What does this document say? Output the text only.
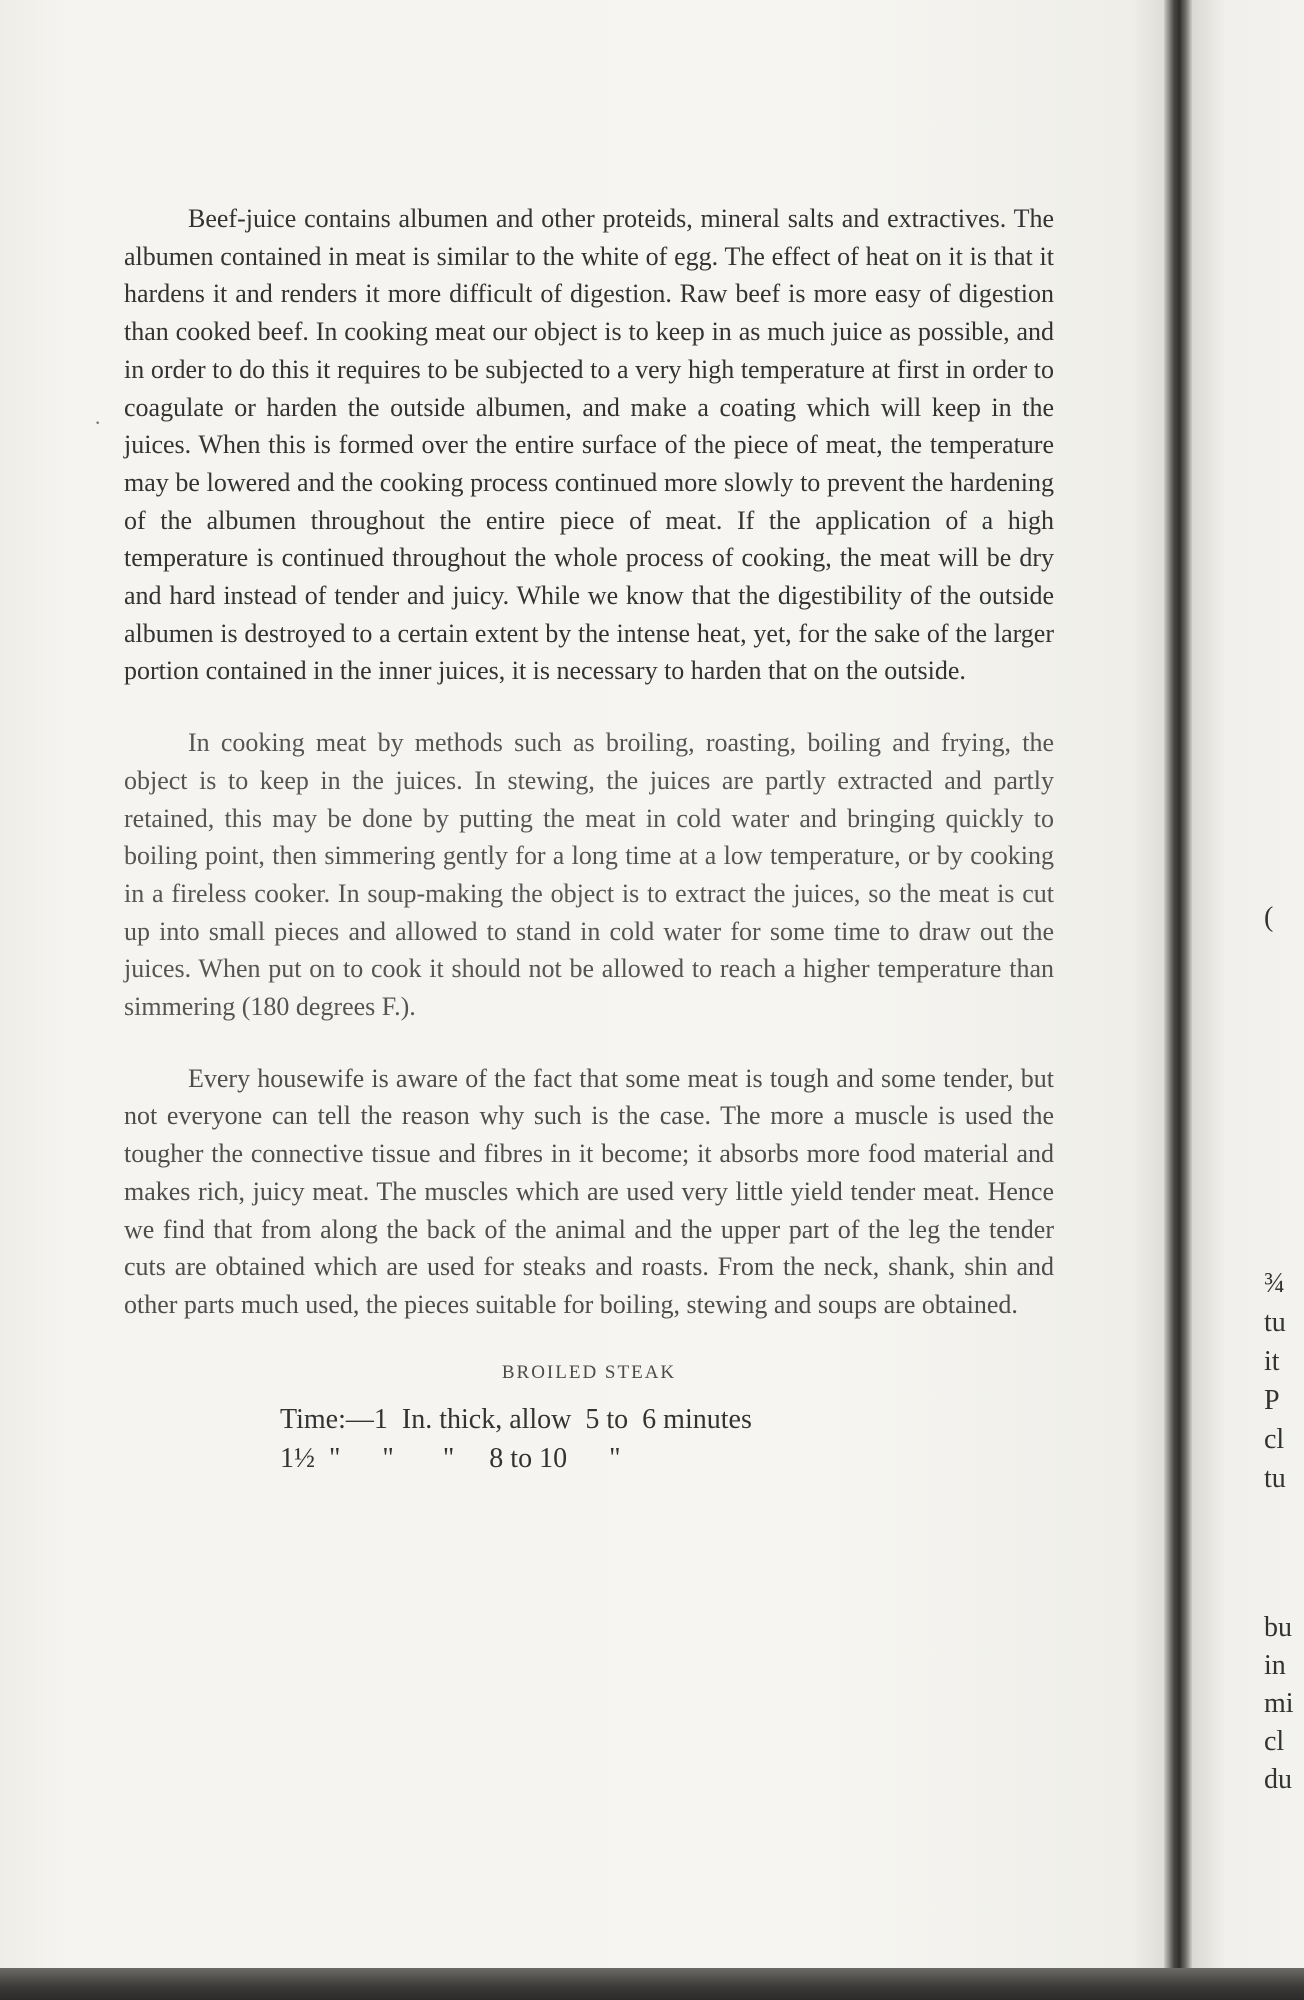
·

Beef-juice contains albumen and other proteids, mineral salts and extractives. The albumen contained in meat is similar to the white of egg. The effect of heat on it is that it hardens it and renders it more difficult of digestion. Raw beef is more easy of digestion than cooked beef. In cooking meat our object is to keep in as much juice as possible, and in order to do this it requires to be subjected to a very high temperature at first in order to coagulate or harden the outside albumen, and make a coating which will keep in the juices. When this is formed over the entire surface of the piece of meat, the temperature may be lowered and the cooking process continued more slowly to prevent the hardening of the albumen throughout the entire piece of meat. If the application of a high temperature is continued throughout the whole process of cooking, the meat will be dry and hard instead of tender and juicy. While we know that the digestibility of the outside albumen is destroyed to a certain extent by the intense heat, yet, for the sake of the larger portion contained in the inner juices, it is necessary to harden that on the outside.

In cooking meat by methods such as broiling, roasting, boiling and frying, the object is to keep in the juices. In stewing, the juices are partly extracted and partly retained, this may be done by putting the meat in cold water and bringing quickly to boiling point, then simmering gently for a long time at a low temperature, or by cooking in a fireless cooker. In soup-making the object is to extract the juices, so the meat is cut up into small pieces and allowed to stand in cold water for some time to draw out the juices. When put on to cook it should not be allowed to reach a higher temperature than simmering (180 degrees F.).

Every housewife is aware of the fact that some meat is tough and some tender, but not everyone can tell the reason why such is the case. The more a muscle is used the tougher the connective tissue and fibres in it become; it absorbs more food material and makes rich, juicy meat. The muscles which are used very little yield tender meat. Hence we find that from along the back of the animal and the upper part of the leg the tender cuts are obtained which are used for steaks and roasts. From the neck, shank, shin and other parts much used, the pieces suitable for boiling, stewing and soups are obtained.

BROILED STEAK
Time:—1  In. thick, allow  5 to  6 minutes
1½  "      "       "     8 to 10      "
(
¾
tu
it
P
cl
tu
bu
in
mi
cl
du
